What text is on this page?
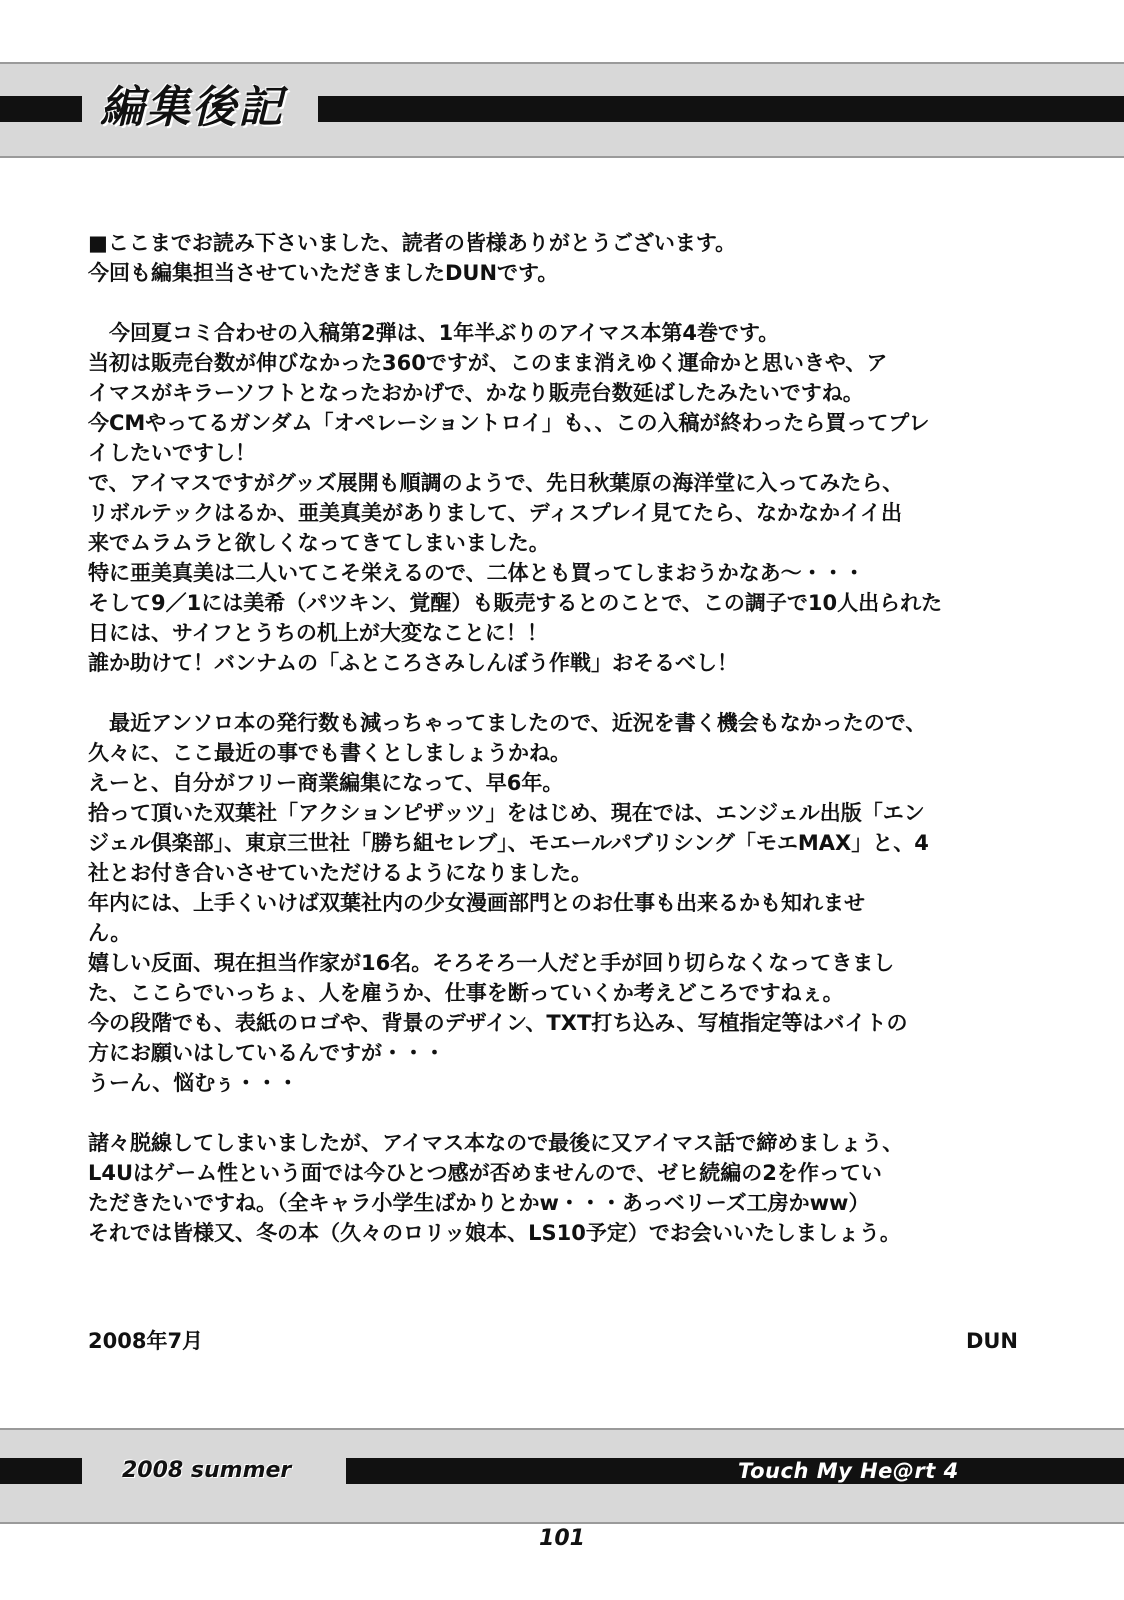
編集後記
■ここまでお読み下さいました、読者の皆様ありがとうございます。
今回も編集担当させていただきましたDUNです。
　今回夏コミ合わせの入稿第2弾は、1年半ぶりのアイマス本第4巻です。
当初は販売台数が伸びなかった360ですが、このまま消えゆく運命かと思いきや、ア
イマスがキラーソフトとなったおかげで、かなり販売台数延ばしたみたいですね。
今CMやってるガンダム「オペレーショントロイ」も、、この入稿が終わったら買ってプレ
イしたいですし！
で、アイマスですがグッズ展開も順調のようで、先日秋葉原の海洋堂に入ってみたら、
リボルテックはるか、亜美真美がありまして、ディスプレイ見てたら、なかなかイイ出
来でムラムラと欲しくなってきてしまいました。
特に亜美真美は二人いてこそ栄えるので、二体とも買ってしまおうかなあ～・・・
そして9／1には美希（パツキン、覚醒）も販売するとのことで、この調子で10人出られた
日には、サイフとうちの机上が大変なことに！！
誰か助けて！バンナムの「ふところさみしんぼう作戦」おそるべし！
　最近アンソロ本の発行数も減っちゃってましたので、近況を書く機会もなかったので、
久々に、ここ最近の事でも書くとしましょうかね。
えーと、自分がフリー商業編集になって、早6年。
拾って頂いた双葉社「アクションピザッツ」をはじめ、現在では、エンジェル出版「エン
ジェル倶楽部」、東京三世社「勝ち組セレブ」、モエールパブリシング「モエMAX」と、4
社とお付き合いさせていただけるようになりました。
年内には、上手くいけば双葉社内の少女漫画部門とのお仕事も出来るかも知れませ
ん。
嬉しい反面、現在担当作家が16名。そろそろ一人だと手が回り切らなくなってきまし
た、ここらでいっちょ、人を雇うか、仕事を断っていくか考えどころですねぇ。
今の段階でも、表紙のロゴや、背景のデザイン、TXT打ち込み、写植指定等はバイトの
方にお願いはしているんですが・・・
うーん、悩むぅ・・・
諸々脱線してしまいましたが、アイマス本なので最後に又アイマス話で締めましょう、
L4Uはゲーム性という面では今ひとつ感が否めませんので、ゼヒ続編の2を作ってい
ただきたいですね。（全キャラ小学生ばかりとかw・・・あっベリーズ工房かww）
それでは皆様又、冬の本（久々のロリッ娘本、LS10予定）でお会いいたしましょう。
2008年7月	DUN
2008 summer	Touch My He@rt 4
101
